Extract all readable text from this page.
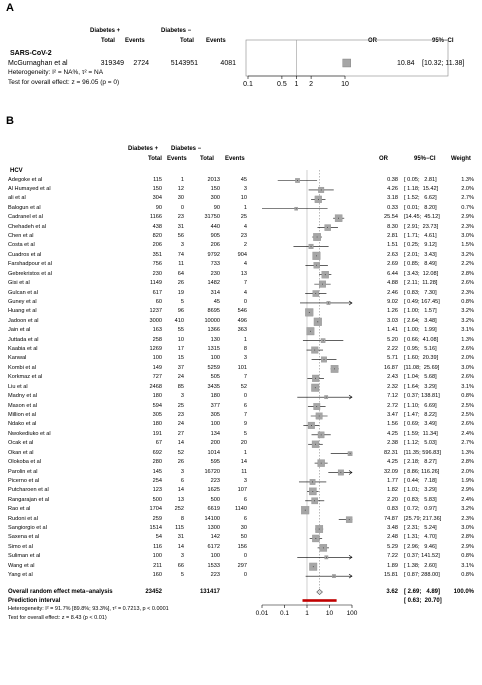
A
Diabetes +	Diabetes −
Total Events	Total Events	OR	95%−CI
SARS-CoV-2
McGurnaghan et al	319349	2724	5143951	4081	10.84 [10.32; 11.38]
Heterogeneity: I² = NA%, τ² = NA
Test for overall effect: z = 96.05 (p = 0)
B
Diabetes + Diabetes −
Total Events Total Events	OR	95%−CI	Weight
HCV
Adegoke et al	115	1	2013	45	0.38 [ 0.05;   2.81]	1.3%
Al Humayed et al	150	12	150	3	4.26 [ 1.18;  15.42]	2.0%
ali et al	304	30	300	10	3.18 [ 1.52;   6.62]	2.7%
Balogun et al	90	0	90	1	0.33 [ 0.01;   8.20]	0.7%
Cadranel et al	1166	23	31750	25	25.54 [14.45;  45.12]	2.9%
Chehadeh et al	438	31	440	4	8.30 [ 2.91;  23.73]	2.3%
Chen et al	820	56	905	23	2.81 [ 1.71;   4.61]	3.0%
Costa et al	206	3	206	2	1.51 [ 0.25;   9.12]	1.5%
Cuadros et al	351	74	9792	904	2.63 [ 2.01;   3.43]	3.2%
Farshadpour et al	756	11	733	4	2.69 [ 0.85;   8.49]	2.2%
Gebrekristos et al	230	64	230	13	6.44 [ 3.43;  12.08]	2.8%
Gisi et al	1149	26	1482	7	4.88 [ 2.11;  11.28]	2.6%
Gulcan et al	617	19	314	4	2.46 [ 0.83;   7.30]	2.3%
Guney et al	60	5	45	0	9.02 [ 0.49; 167.45]	0.8%
Huang et al	1237	96	8695	546	1.26 [ 1.00;   1.57]	3.2%
Jadoon et al	3000	410	10000	496	3.03 [ 2.64;   3.48]	3.2%
Jain et al	163	55	1366	363	1.41 [ 1.00;   1.99]	3.1%
Juttada et al	258	10	130	1	5.20 [ 0.66;  41.08]	1.3%
Kaabia et al	1269	17	1315	8	2.22 [ 0.95;   5.16]	2.6%
Kanwal	100	15	100	3	5.71 [ 1.60;  20.39]	2.0%
Kombi et al	149	37	5259	101	16.87 [11.08;  25.69]	3.0%
Korkmaz et al	727	24	505	7	2.43 [ 1.04;   5.68]	2.6%
Liu et al	2468	85	3435	52	2.32 [ 1.64;   3.29]	3.1%
Madny et al	180	3	180	0	7.12 [ 0.37; 138.81]	0.8%
Mason et al	594	25	377	6	2.72 [ 1.10;   6.69]	2.5%
Million et al	305	23	305	7	3.47 [ 1.47;   8.22]	2.5%
Ndako et al	180	24	100	9	1.56 [ 0.69;   3.49]	2.6%
Nwokediuko et al	191	27	134	5	4.25 [ 1.59;  11.34]	2.4%
Ocak et al	67	14	200	20	2.38 [ 1.12;   5.03]	2.7%
Okan et al	692	52	1014	1	82.31 [11.35; 596.83]	1.3%
Olokoba et al	280	26	595	14	4.25 [ 2.18;   8.27]	2.8%
Parolin et al	145	3	16720	11	32.09 [ 8.86; 116.26]	2.0%
Picerno et al	254	6	223	3	1.77 [ 0.44;   7.18]	1.9%
Putcharoen et al	123	14	1625	107	1.82 [ 1.01;   3.29]	2.9%
Rangarajan et al	500	13	500	6	2.20 [ 0.83;   5.83]	2.4%
Rao et al	1704	252	6619	1140	0.83 [ 0.72;   0.97]	3.2%
Rudoni et al	259	8	14100	6	74.87 [25.79; 217.36]	2.3%
Sangiorgio et al	1514	115	1300	30	3.48 [ 2.31;   5.24]	3.0%
Saxena et al	54	31	142	50	2.48 [ 1.31;   4.70]	2.8%
Simo et al	116	14	6172	156	5.29 [ 2.96;   9.46]	2.9%
Suliman et al	100	3	100	0	7.22 [ 0.37; 141.52]	0.8%
Wang et al	211	66	1533	297	1.89 [ 1.38;   2.60]	3.1%
Yang et al	160	5	223	0	15.81 [ 0.87; 288.00]	0.8%
Overall random effect meta−analysis	23452	131417	3.62 [ 2.69;   4.89]	100.0%
Prediction interval	[ 0.63;  20.70]
Heterogeneity: I² = 91.7% [89.8%; 93.3%], τ² = 0.7213, p < 0.0001
Test for overall effect: z = 8.43 (p < 0.01)
0.1	0.5 1 2	10
0.01 0.1 1	10 100
